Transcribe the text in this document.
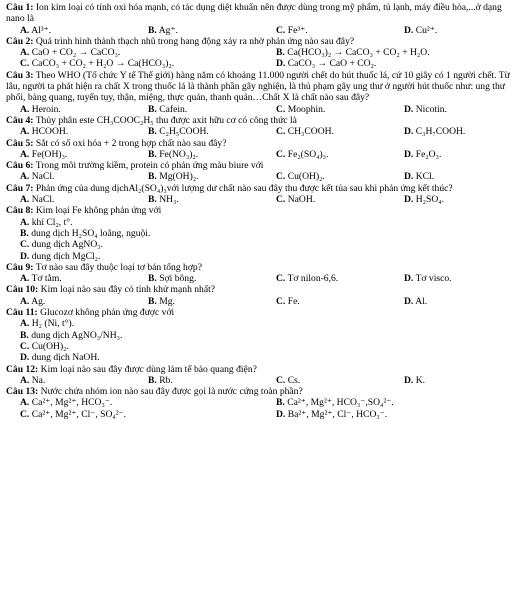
Câu 1: Ion kim loại có tính oxi hóa mạnh, có tác dụng diệt khuẩn nên được dùng trong mỹ phẩm, tủ lạnh, máy điều hòa,...ở dạng nano là
A. Al³⁺.	B. Ag⁺.	C. Fe³⁺.	D. Cu²⁺.
Câu 2: Quá trình hình thành thạch nhũ trong hang động xảy ra nhờ phản ứng nào sau đây?
A. CaO + CO₂ → CaCO₃.	B. Ca(HCO₃)₂ → CaCO₃ + CO₂ + H₂O.
C. CaCO₃ + CO₂ + H₂O → Ca(HCO₃)₂.	D. CaCO₃ → CaO + CO₂.
Câu 3: Theo WHO (Tổ chức Y tế Thế giới) hàng năm có khoảng 11.000 người chết do hút thuốc lá, cứ 10 giây có 1 người chết. Từ lâu, người ta phát hiện ra chất X trong thuốc lá là thành phần gây nghiện, là thủ phạm gây ung thư ở người hút thuốc như: ung thư phổi, bàng quang, tuyến tụy, thận, miệng, thực quản, thanh quản…Chất X là chất nào sau đây?
A. Heroin.	B. Cafein.	C. Moophin.	D. Nicotin.
Câu 4: Thủy phân este CH₃COOC₂H₅ thu được axit hữu cơ có công thức là
A. HCOOH.	B. C₂H₅COOH.	C. CH₃COOH.	D. C₃H₇COOH.
Câu 5: Sắt có số oxi hóa + 2 trong hợp chất nào sau đây?
A. Fe(OH)₃.	B. Fe(NO₃)₂.	C. Fe₂(SO₄)₃.	D. Fe₂O₃.
Câu 6: Trong môi trường kiềm, protein có phản ứng màu biure với
A. NaCl.	B. Mg(OH)₂.	C. Cu(OH)₂.	D. KCl.
Câu 7: Phản ứng của dung dịchAl₂(SO₄)₃với lượng dư chất nào sau đây thu được kết tủa sau khi phản ứng kết thúc?
A. NaCl.	B. NH₃.	C. NaOH.	D. H₂SO₄.
Câu 8: Kim loại Fe không phản ứng với
A. khí Cl₂, t°.
B. dung dịch H₂SO₄ loãng, nguội.
C. dung dịch AgNO₃.
D. dung dịch MgCl₂.
Câu 9: Tơ nào sau đây thuộc loại tơ bán tổng hợp?
A. Tơ tằm.	B. Sợi bông.	C. Tơ nilon-6,6.	D. Tơ visco.
Câu 10: Kim loại nào sau đây có tính khử mạnh nhất?
A. Ag.	B. Mg.	C. Fe.	D. Al.
Câu 11: Glucozơ không phản ứng được với
A. H₂ (Ni, t°).
B. dung dịch AgNO₃/NH₃.
C. Cu(OH)₂.
D. dung dịch NaOH.
Câu 12: Kim loại nào sau đây được dùng làm tế bào quang điện?
A. Na.	B. Rb.	C. Cs.	D. K.
Câu 13: Nước chứa nhóm ion nào sau đây được gọi là nước cứng toàn phần?
A. Ca²⁺, Mg²⁺, HCO₃⁻.	B. Ca²⁺, Mg²⁺, HCO₃⁻,SO₄²⁻.
C. Ca²⁺, Mg²⁺, Cl⁻, SO₄²⁻.	D. Ba²⁺, Mg²⁺, Cl⁻, HCO₃⁻.
